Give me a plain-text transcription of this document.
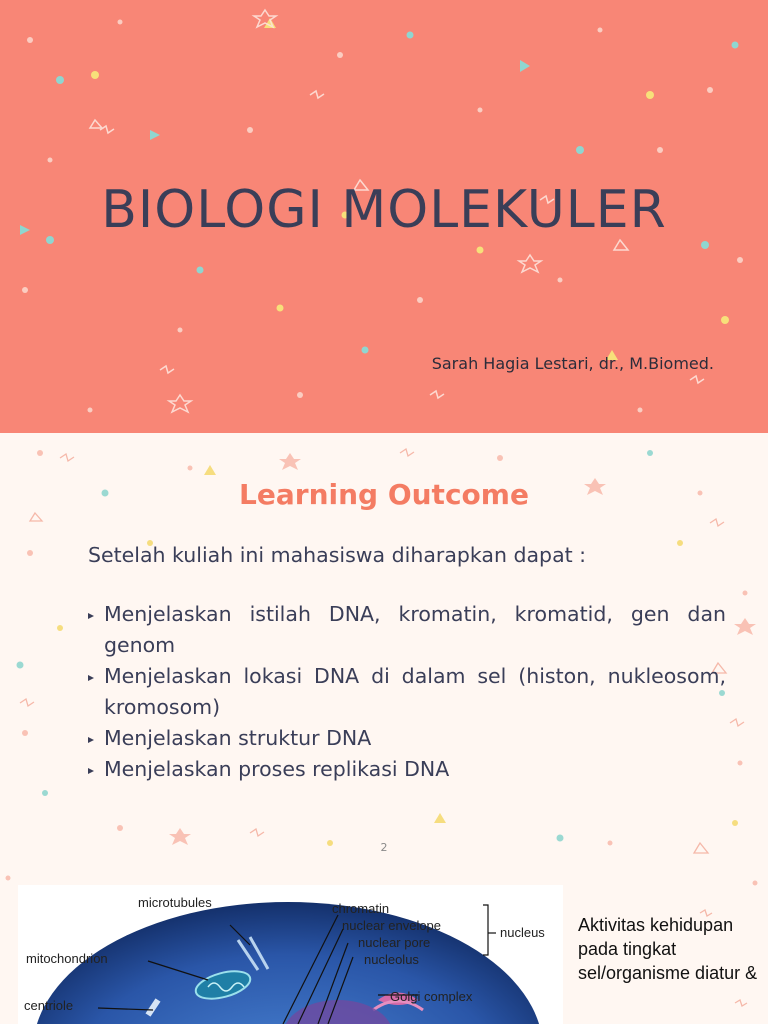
BIOLOGI MOLEKULER

Sarah Hagia Lestari, dr., M.Biomed.

Learning Outcome

Setelah kuliah ini mahasiswa diharapkan dapat :

Menjelaskan istilah DNA, kromatin, kromatid, gen dan genom
Menjelaskan lokasi DNA di dalam sel (histon, nukleosom, kromosom)
Menjelaskan struktur DNA
Menjelaskan proses replikasi DNA

2

microtubules
mitochondrion
centriole
chromatin
nuclear envelope
nuclear pore
nucleolus
nucleus
Golgi complex

Aktivitas kehidupan pada tingkat sel/organisme diatur &
